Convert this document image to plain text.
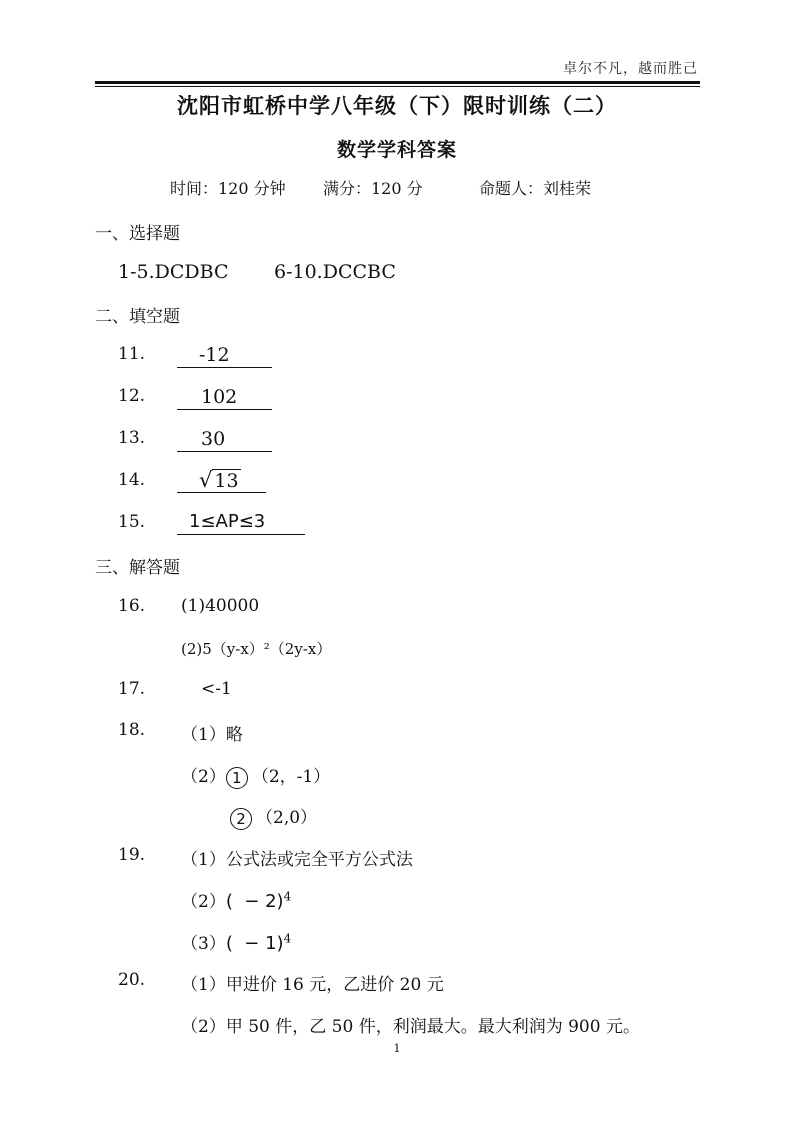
卓尔不凡，越而胜己
沈阳市虹桥中学八年级（下）限时训练（二）
数学学科答案
时间：120 分钟 满分：120 分	命题人：刘桂荣
一、选择题
1-5.DCDBC 6-10.DCCBC
二、填空题
11.	-12
12.	102
13.	30
14.	√ 13
15.	1≤AP≤3
三、解答题
16. (1)40000
(2)5（y-x）²（2y-x）
17.	<-1
18. （1）略
（2） 1 （2，-1）
2 （2,0）
19. （1）公式法或完全平方公式法
$(2)( - 2)^4$
$(3)( - 1)^4$
20. （1）甲进价 16 元，乙进价 20 元
（2）甲 50 件，乙 50 件，利润最大。最大利润为 900 元。
1
